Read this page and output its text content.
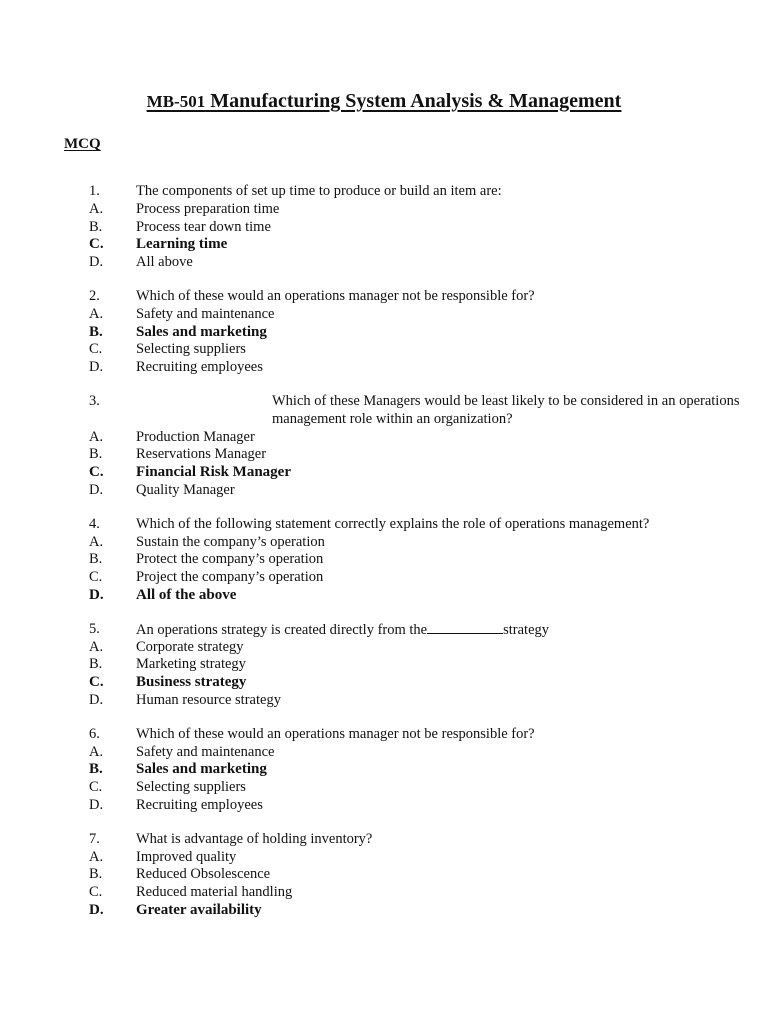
MB-501 Manufacturing System Analysis & Management
MCQ
1. The components of set up time to produce or build an item are:
A. Process preparation time
B. Process tear down time
C. Learning time
D. All above
2. Which of these would an operations manager not be responsible for?
A. Safety and maintenance
B. Sales and marketing
C. Selecting suppliers
D. Recruiting employees
3.	Which of these Managers would be least likely to be considered in an operations management role within an organization?
A. Production Manager
B. Reservations Manager
C. Financial Risk Manager
D. Quality Manager
4. Which of the following statement correctly explains the role of operations management?
A. Sustain the company’s operation
B. Protect the company’s operation
C. Project the company’s operation
D. All of the above
5. An operations strategy is created directly from the	strategy
A. Corporate strategy
B. Marketing strategy
C. Business strategy
D. Human resource strategy
6. Which of these would an operations manager not be responsible for?
A. Safety and maintenance
B. Sales and marketing
C. Selecting suppliers
D. Recruiting employees
7. What is advantage of holding inventory?
A. Improved quality
B. Reduced Obsolescence
C. Reduced material handling
D. Greater availability
